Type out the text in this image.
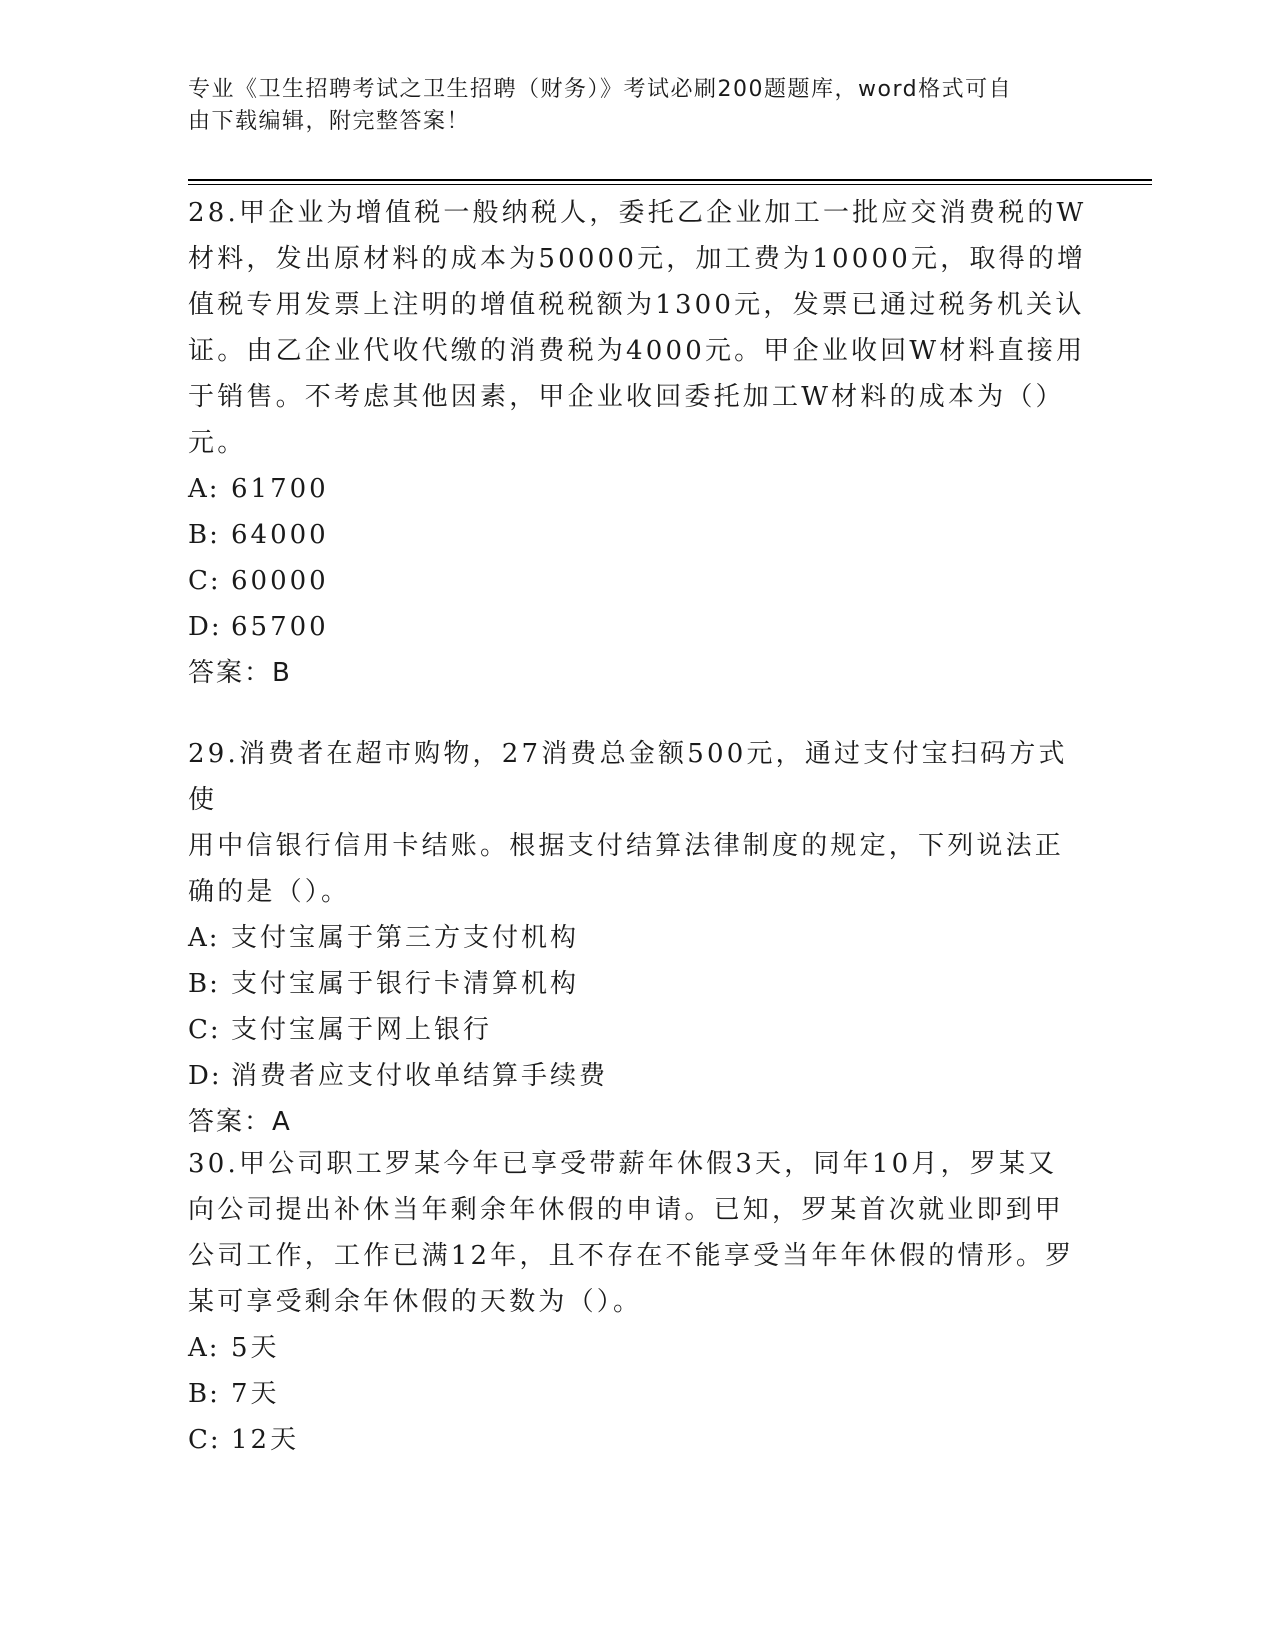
专业《卫生招聘考试之卫生招聘（财务）》考试必刷200题题库，word格式可自
由下载编辑，附完整答案！
28.甲企业为增值税一般纳税人，委托乙企业加工一批应交消费税的W
材料，发出原材料的成本为50000元，加工费为10000元，取得的增
值税专用发票上注明的增值税税额为1300元，发票已通过税务机关认
证。由乙企业代收代缴的消费税为4000元。甲企业收回W材料直接用
于销售。不考虑其他因素，甲企业收回委托加工W材料的成本为（）
元。
A: 61700
B: 64000
C: 60000
D: 65700
答案：B
29.消费者在超市购物，27消费总金额500元，通过支付宝扫码方式使
用中信银行信用卡结账。根据支付结算法律制度的规定，下列说法正
确的是（）。
A: 支付宝属于第三方支付机构
B: 支付宝属于银行卡清算机构
C: 支付宝属于网上银行
D: 消费者应支付收单结算手续费
答案：A
30.甲公司职工罗某今年已享受带薪年休假3天，同年10月，罗某又
向公司提出补休当年剩余年休假的申请。已知，罗某首次就业即到甲
公司工作，工作已满12年，且不存在不能享受当年年休假的情形。罗
某可享受剩余年休假的天数为（）。
A: 5天
B: 7天
C: 12天
